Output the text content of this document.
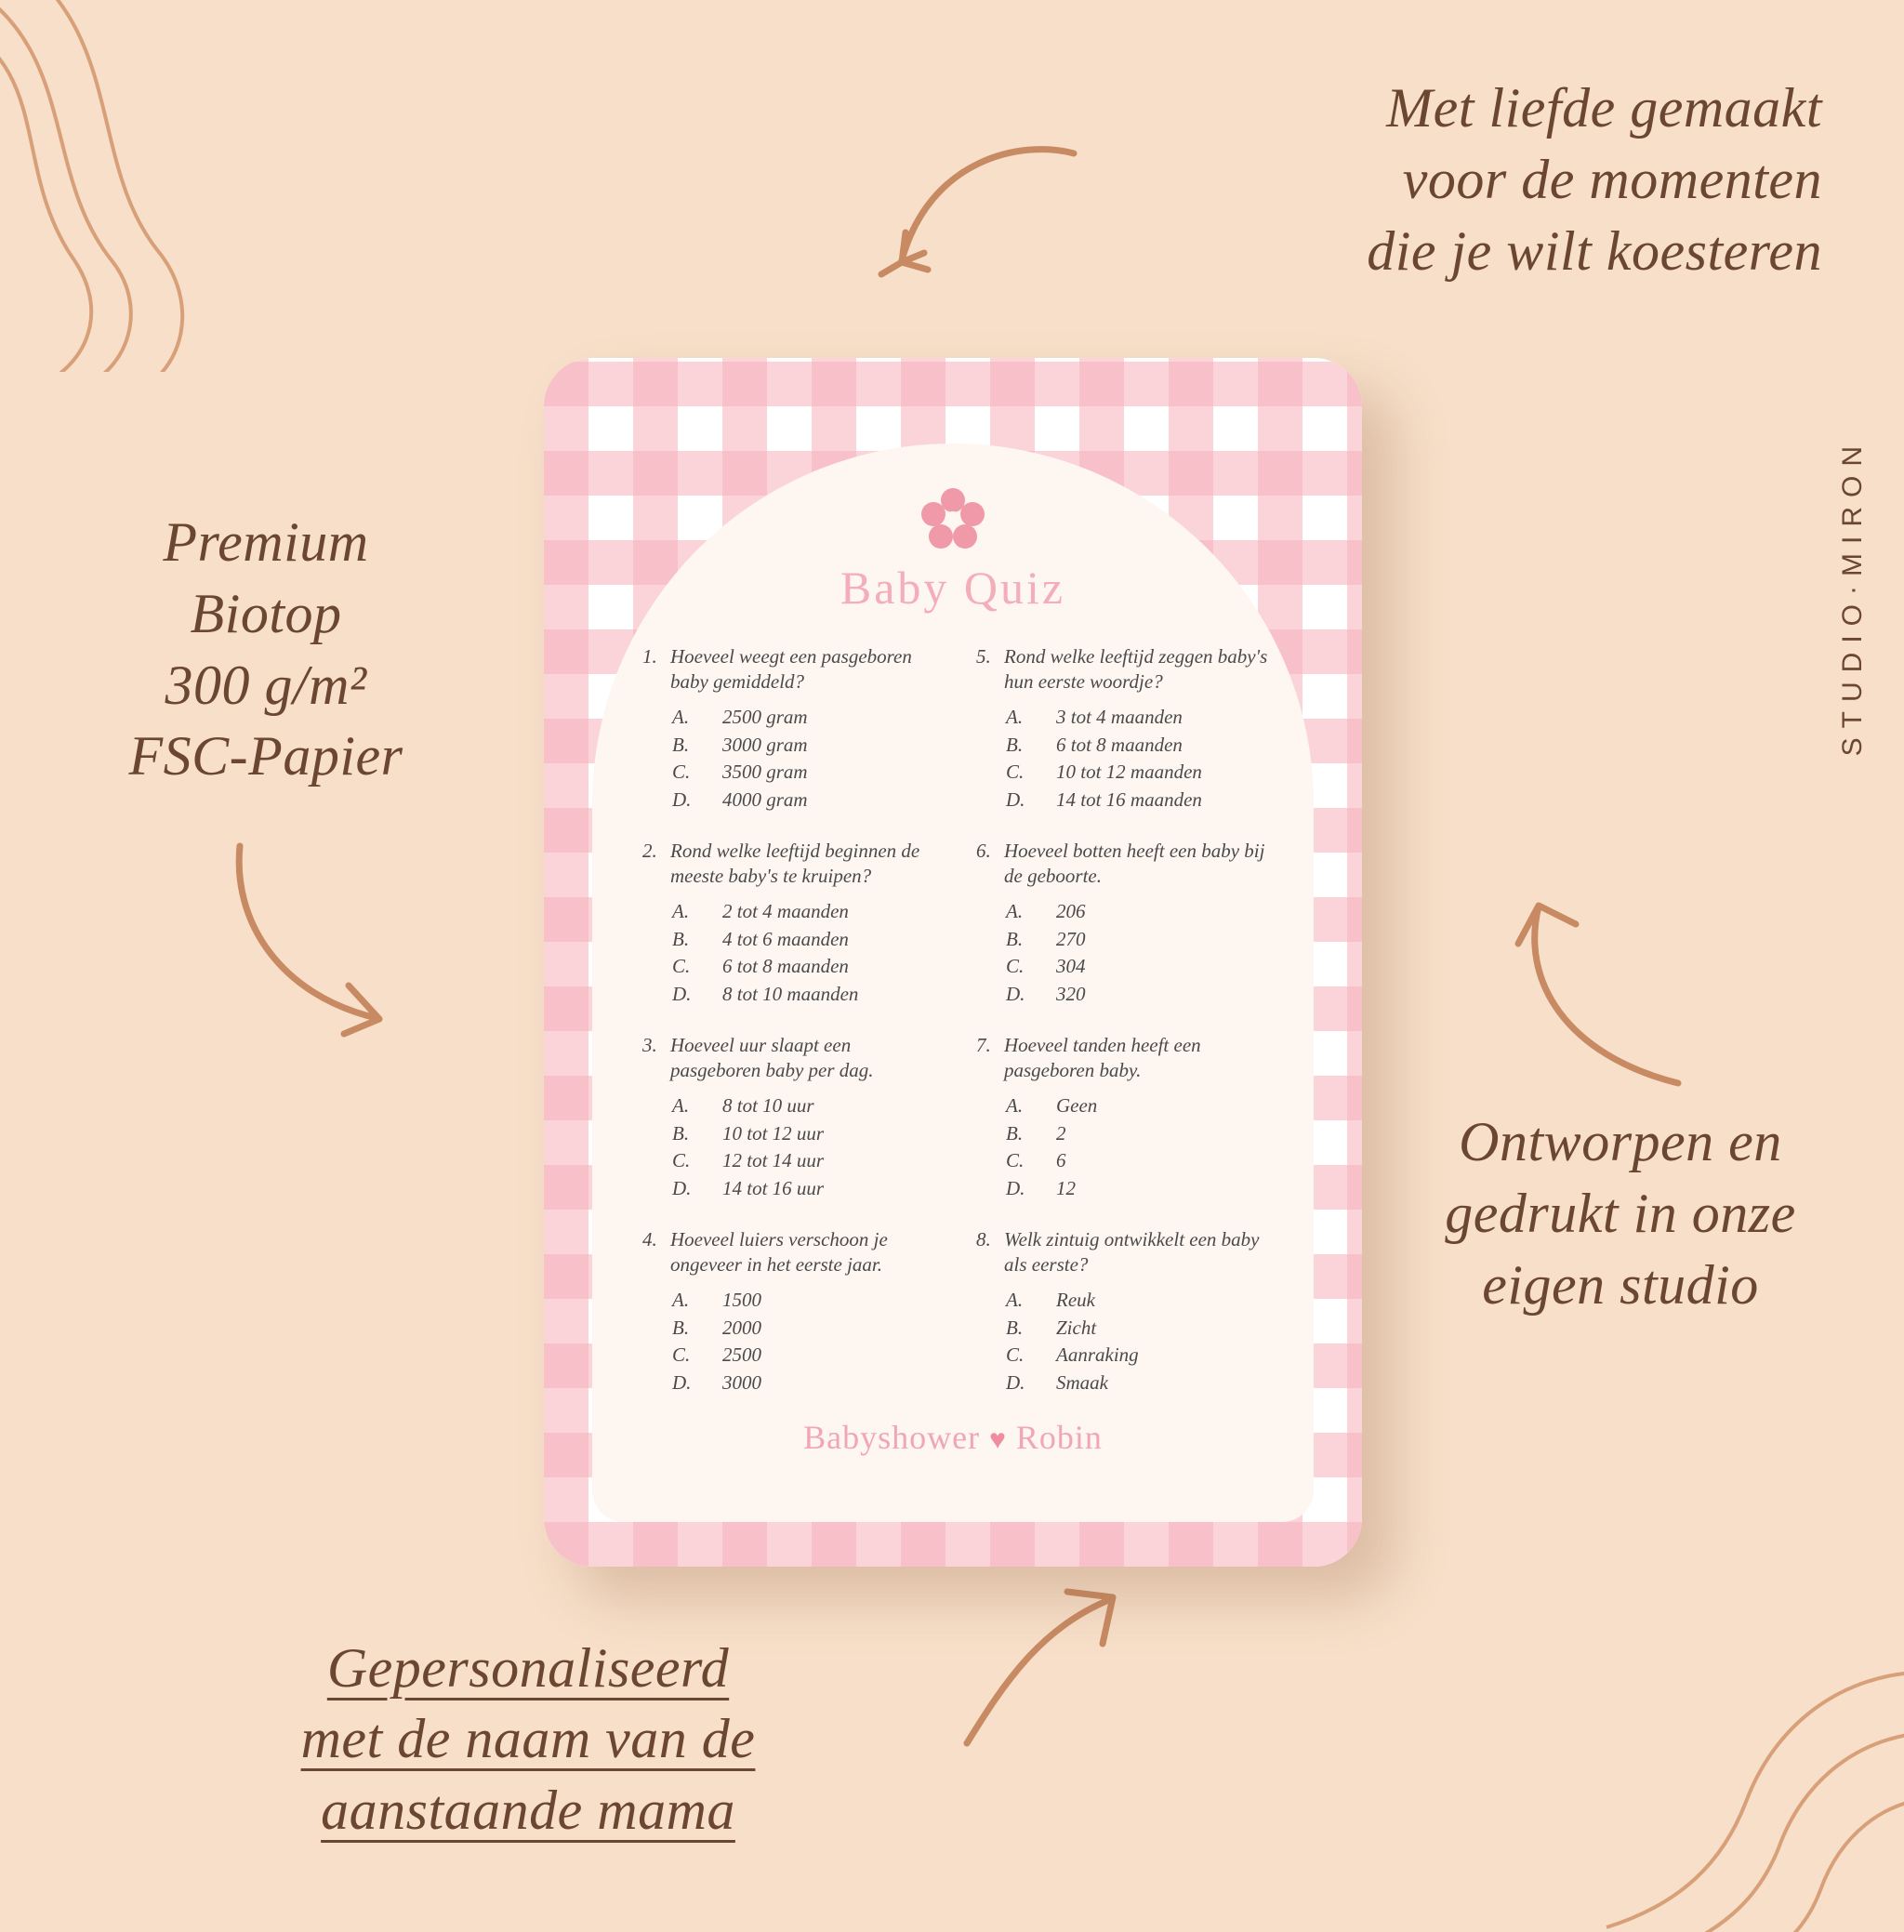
Met liefde gemaakt
voor de momenten
die je wilt koesteren
Premium
Biotop
300 g/m²
FSC-Papier
Ontworpen en
gedrukt in onze
eigen studio
Gepersonaliseerd
met de naam van de
aanstaande mama
STUDIO·MIRON
Baby Quiz
1. Hoeveel weegt een pasgeboren baby gemiddeld?
A.	2500 gram
B.	3000 gram
C.	3500 gram
D.	4000 gram
2. Rond welke leeftijd beginnen de meeste baby's te kruipen?
A.	2 tot 4 maanden
B.	4 tot 6 maanden
C.	6 tot 8 maanden
D.	8 tot 10 maanden
3. Hoeveel uur slaapt een pasgeboren baby per dag.
A.	8 tot 10 uur
B.	10 tot 12 uur
C.	12 tot 14 uur
D.	14 tot 16 uur
4. Hoeveel luiers verschoon je ongeveer in het eerste jaar.
A.	1500
B.	2000
C.	2500
D.	3000
5. Rond welke leeftijd zeggen baby's hun eerste woordje?
A.	3 tot 4 maanden
B.	6 tot 8 maanden
C.	10 tot 12 maanden
D.	14 tot 16 maanden
6. Hoeveel botten heeft een baby bij de geboorte.
A.	206
B.	270
C.	304
D.	320
7. Hoeveel tanden heeft een pasgeboren baby.
A.	Geen
B.	2
C.	6
D.	12
8. Welk zintuig ontwikkelt een baby als eerste?
A.	Reuk
B.	Zicht
C.	Aanraking
D.	Smaak
Babyshower ♥ Robin
